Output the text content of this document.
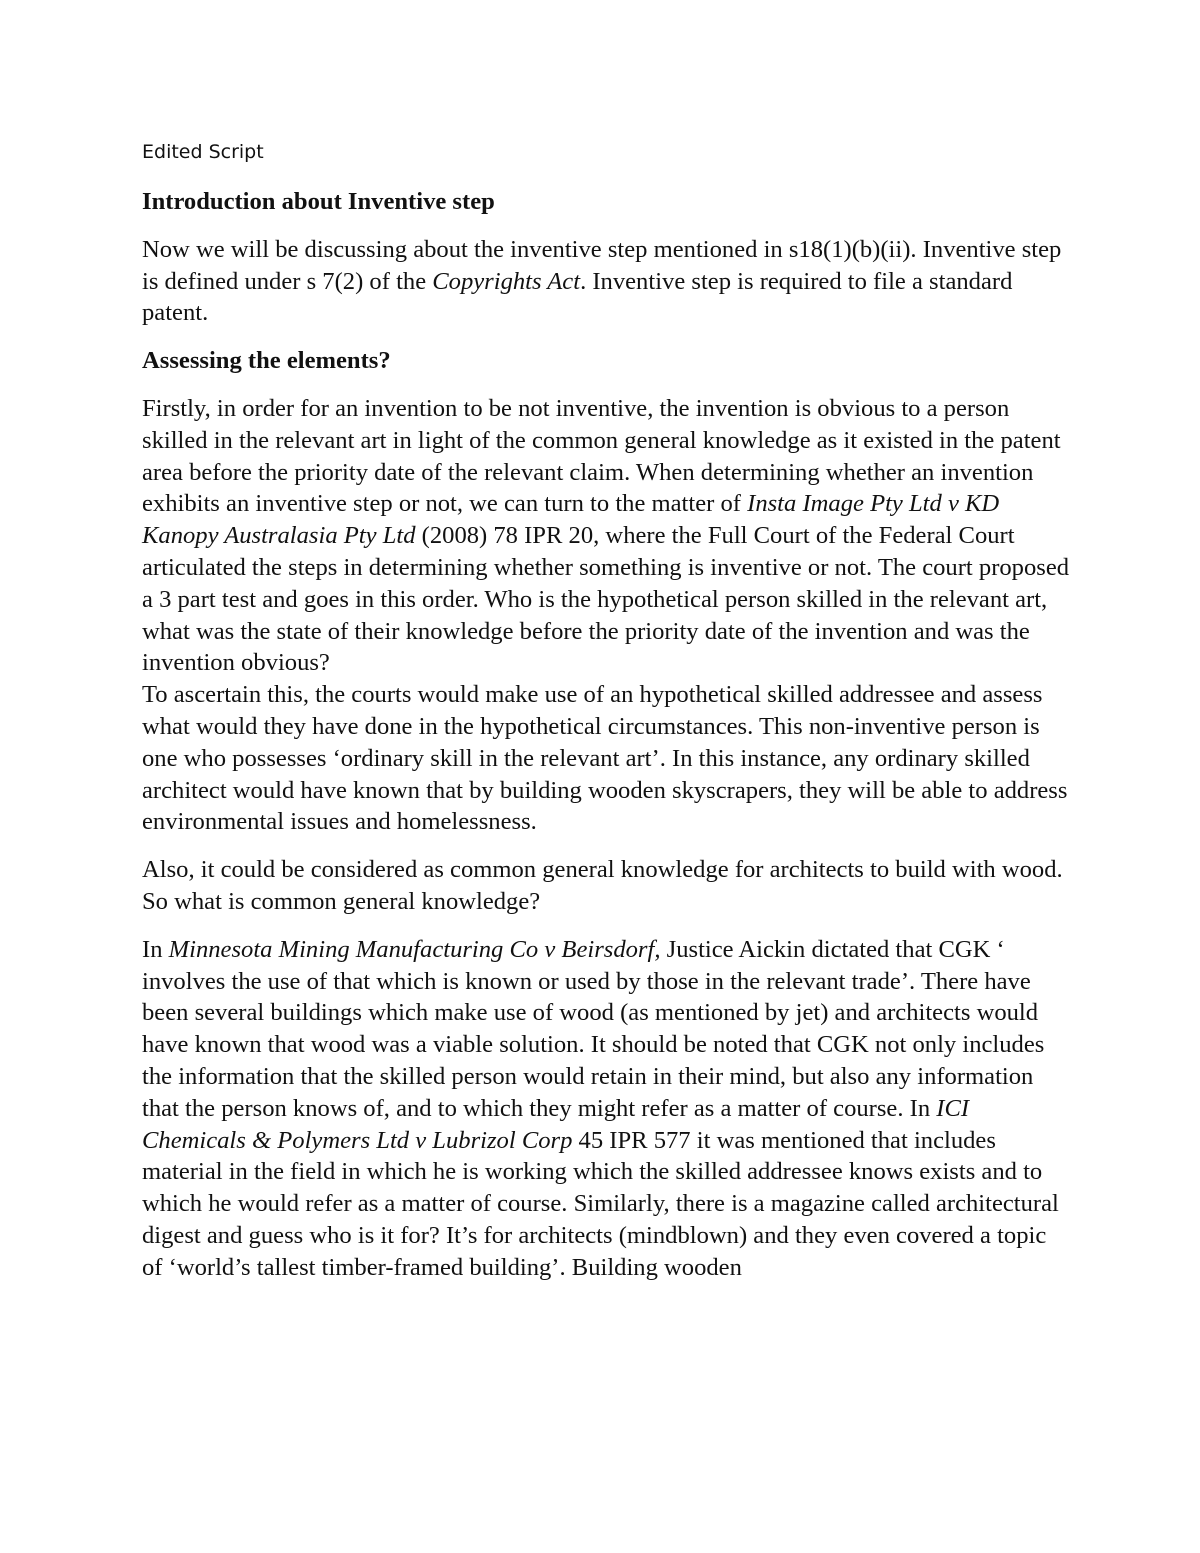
Edited Script
Introduction about Inventive step

Now we will be discussing about the inventive step mentioned in s18(1)(b)(ii). Inventive step is defined under s 7(2) of the Copyrights Act. Inventive step is required to file a standard patent.

Assessing the elements?

Firstly, in order for an invention to be not inventive, the invention is obvious to a person skilled in the relevant art in light of the common general knowledge as it existed in the patent area before the priority date of the relevant claim. When determining whether an invention exhibits an inventive step or not, we can turn to the matter of Insta Image Pty Ltd v KD Kanopy Australasia Pty Ltd (2008) 78 IPR 20, where the Full Court of the Federal Court articulated the steps in determining whether something is inventive or not. The court proposed a 3 part test and goes in this order. Who is the hypothetical person skilled in the relevant art, what was the state of their knowledge before the priority date of the invention and was the invention obvious?

To ascertain this, the courts would make use of an hypothetical skilled addressee and assess what would they have done in the hypothetical circumstances. This non-inventive person is one who possesses ‘ordinary skill in the relevant art’. In this instance, any ordinary skilled architect would have known that by building wooden skyscrapers, they will be able to address environmental issues and homelessness.

Also, it could be considered as common general knowledge for architects to build with wood. So what is common general knowledge?

In Minnesota Mining Manufacturing Co v Beirsdorf, Justice Aickin dictated that CGK ‘ involves the use of that which is known or used by those in the relevant trade’. There have been several buildings which make use of wood (as mentioned by jet) and architects would have known that wood was a viable solution. It should be noted that CGK not only includes the information that the skilled person would retain in their mind, but also any information that the person knows of, and to which they might refer as a matter of course. In ICI Chemicals & Polymers Ltd v Lubrizol Corp 45 IPR 577 it was mentioned that includes material in the field in which he is working which the skilled addressee knows exists and to which he would refer as a matter of course. Similarly, there is a magazine called architectural digest and guess who is it for? It’s for architects (mindblown) and they even covered a topic of ‘world’s tallest timber-framed building’. Building wooden
